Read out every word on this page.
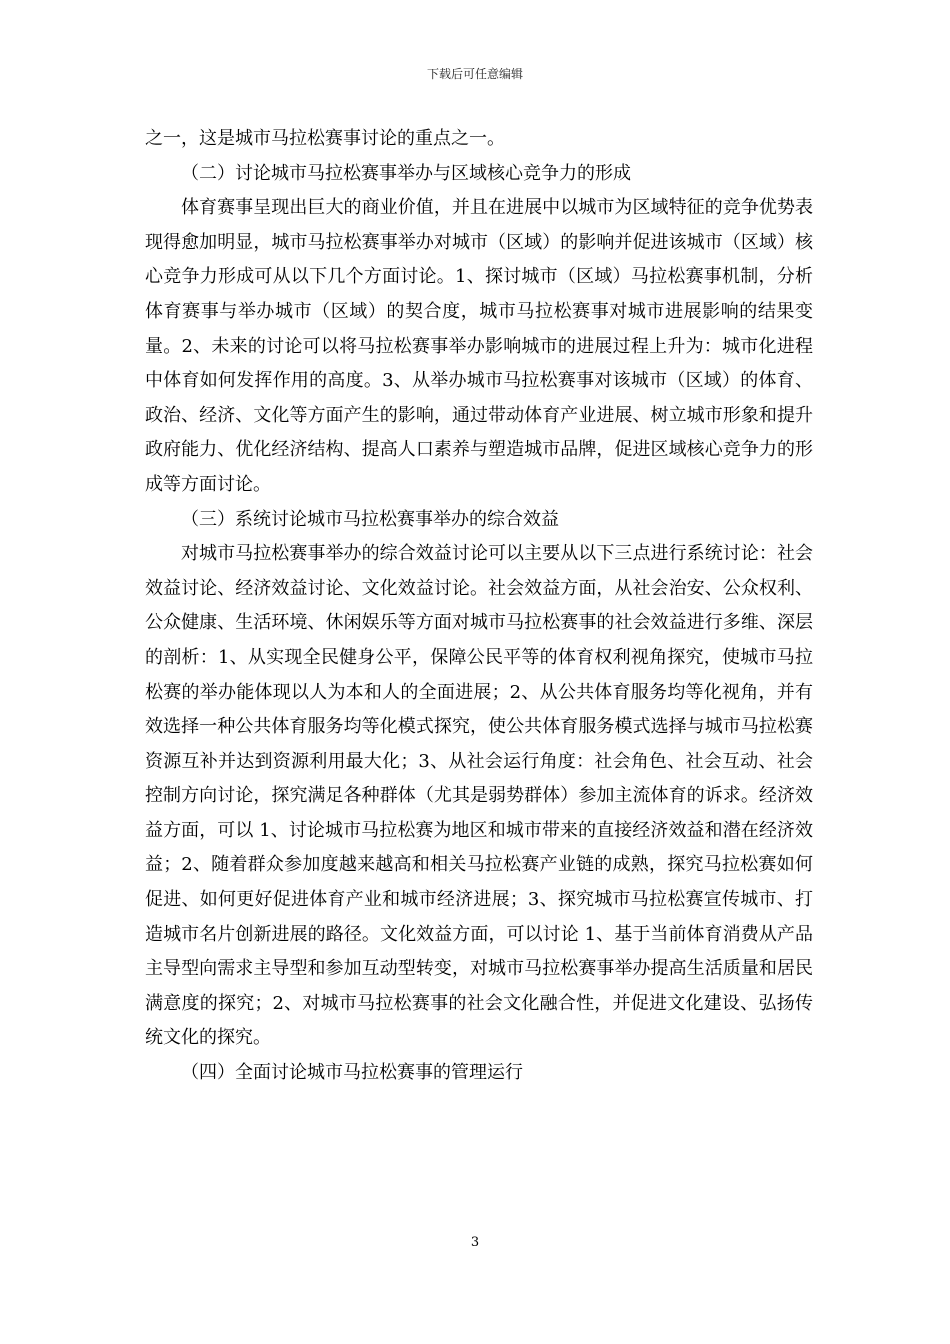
下载后可任意编辑

之一，这是城市马拉松赛事讨论的重点之一。

（二）讨论城市马拉松赛事举办与区域核心竞争力的形成

体育赛事呈现出巨大的商业价值，并且在进展中以城市为区域特征的竞争优势表现得愈加明显，城市马拉松赛事举办对城市（区域）的影响并促进该城市（区域）核心竞争力形成可从以下几个方面讨论。1、探讨城市（区域）马拉松赛事机制，分析体育赛事与举办城市（区域）的契合度，城市马拉松赛事对城市进展影响的结果变量。2、未来的讨论可以将马拉松赛事举办影响城市的进展过程上升为：城市化进程中体育如何发挥作用的高度。3、从举办城市马拉松赛事对该城市（区域）的体育、政治、经济、文化等方面产生的影响，通过带动体育产业进展、树立城市形象和提升政府能力、优化经济结构、提高人口素养与塑造城市品牌，促进区域核心竞争力的形成等方面讨论。

（三）系统讨论城市马拉松赛事举办的综合效益

对城市马拉松赛事举办的综合效益讨论可以主要从以下三点进行系统讨论：社会效益讨论、经济效益讨论、文化效益讨论。社会效益方面，从社会治安、公众权利、公众健康、生活环境、休闲娱乐等方面对城市马拉松赛事的社会效益进行多维、深层的剖析：1、从实现全民健身公平，保障公民平等的体育权利视角探究，使城市马拉松赛的举办能体现以人为本和人的全面进展；2、从公共体育服务均等化视角，并有效选择一种公共体育服务均等化模式探究，使公共体育服务模式选择与城市马拉松赛资源互补并达到资源利用最大化；3、从社会运行角度：社会角色、社会互动、社会控制方向讨论，探究满足各种群体（尤其是弱势群体）参加主流体育的诉求。经济效益方面，可以 1、讨论城市马拉松赛为地区和城市带来的直接经济效益和潜在经济效益；2、随着群众参加度越来越高和相关马拉松赛产业链的成熟，探究马拉松赛如何促进、如何更好促进体育产业和城市经济进展；3、探究城市马拉松赛宣传城市、打造城市名片创新进展的路径。文化效益方面，可以讨论 1、基于当前体育消费从产品主导型向需求主导型和参加互动型转变，对城市马拉松赛事举办提高生活质量和居民满意度的探究；2、对城市马拉松赛事的社会文化融合性，并促进文化建设、弘扬传统文化的探究。

（四）全面讨论城市马拉松赛事的管理运行

3
